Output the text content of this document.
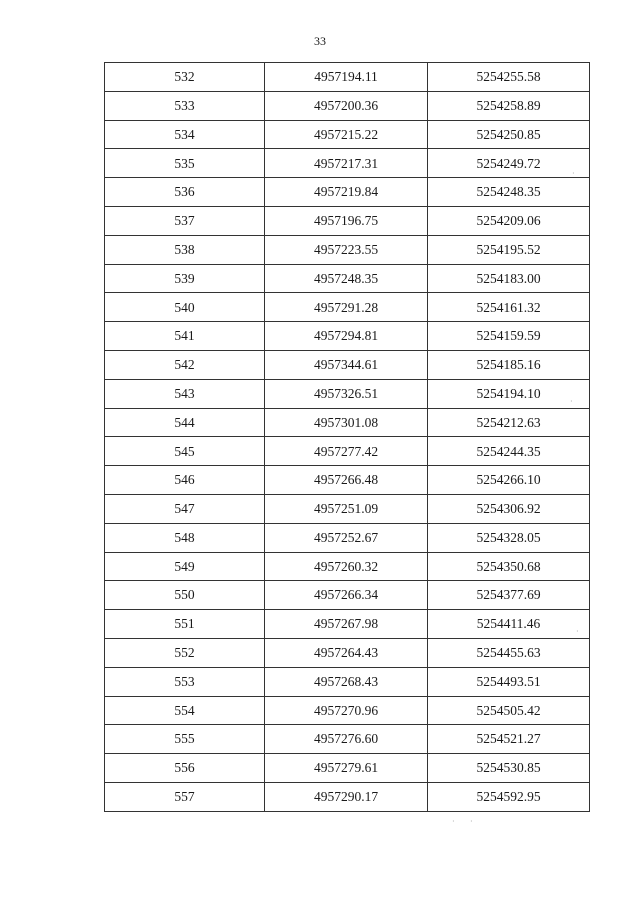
33
532	4957194.11	5254255.58
533	4957200.36	5254258.89
534	4957215.22	5254250.85
535	4957217.31	5254249.72
536	4957219.84	5254248.35
537	4957196.75	5254209.06
538	4957223.55	5254195.52
539	4957248.35	5254183.00
540	4957291.28	5254161.32
541	4957294.81	5254159.59
542	4957344.61	5254185.16
543	4957326.51	5254194.10
544	4957301.08	5254212.63
545	4957277.42	5254244.35
546	4957266.48	5254266.10
547	4957251.09	5254306.92
548	4957252.67	5254328.05
549	4957260.32	5254350.68
550	4957266.34	5254377.69
551	4957267.98	5254411.46
552	4957264.43	5254455.63
553	4957268.43	5254493.51
554	4957270.96	5254505.42
555	4957276.60	5254521.27
556	4957279.61	5254530.85
557	4957290.17	5254592.95
·
·
·
· ·
